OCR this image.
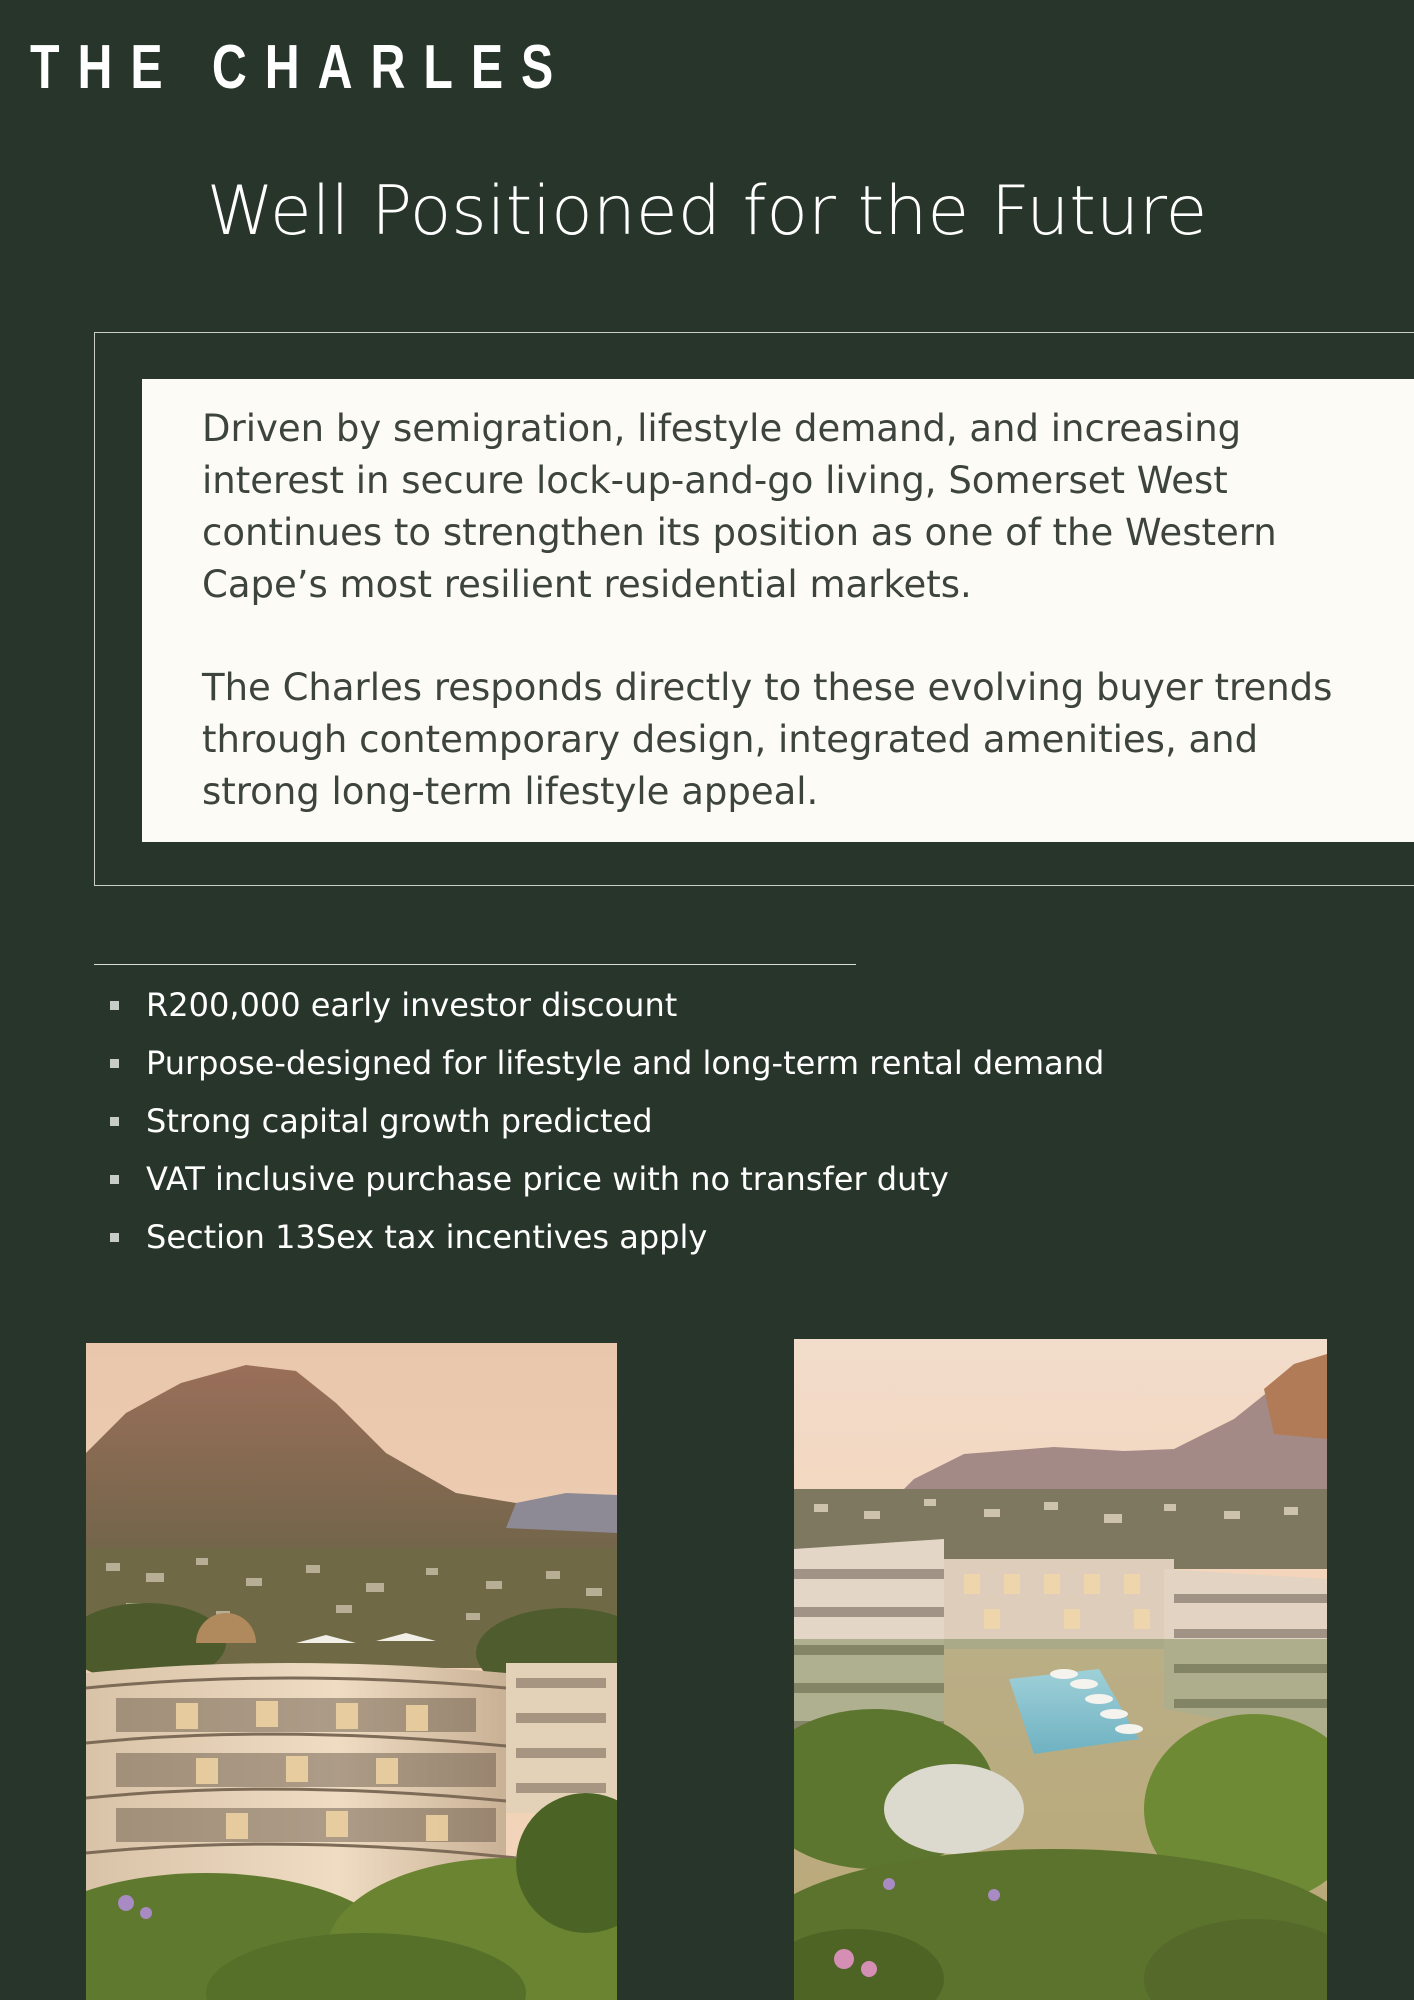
THE CHARLES
Well Positioned for the Future

Driven by semigration, lifestyle demand, and increasing interest in secure lock-up-and-go living, Somerset West continues to strengthen its position as one of the Western Cape’s most resilient residential markets.

The Charles responds directly to these evolving buyer trends through contemporary design, integrated amenities, and strong long-term lifestyle appeal.

R200,000 early investor discount
Purpose-designed for lifestyle and long-term rental demand
Strong capital growth predicted
VAT inclusive purchase price with no transfer duty
Section 13Sex tax incentives apply
